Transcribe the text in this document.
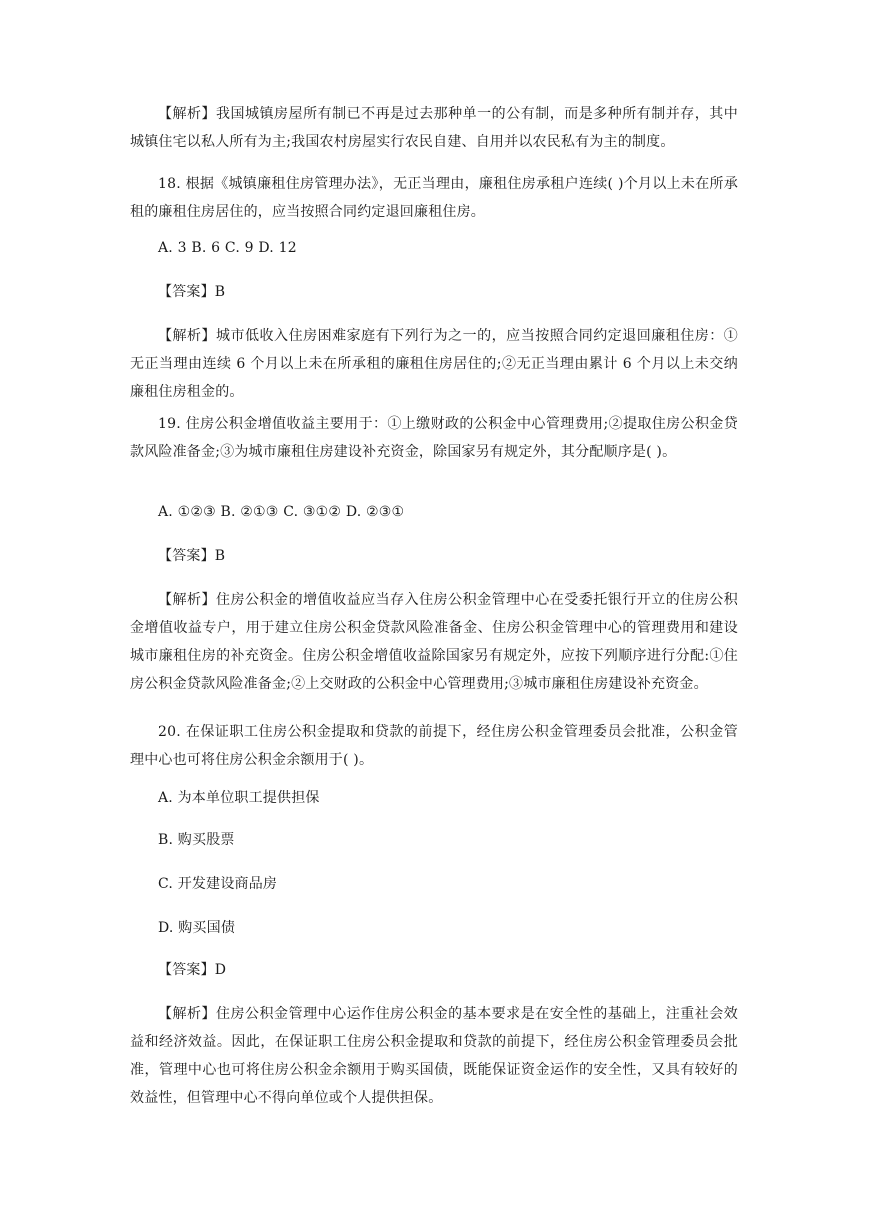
【解析】我国城镇房屋所有制已不再是过去那种单一的公有制，而是多种所有制并存，其中城镇住宅以私人所有为主;我国农村房屋实行农民自建、自用并以农民私有为主的制度。

18. 根据《城镇廉租住房管理办法》，无正当理由，廉租住房承租户连续( )个月以上未在所承租的廉租住房居住的，应当按照合同约定退回廉租住房。

A. 3 B. 6 C. 9 D. 12

【答案】B

【解析】城市低收入住房困难家庭有下列行为之一的，应当按照合同约定退回廉租住房：①无正当理由连续 6 个月以上未在所承租的廉租住房居住的;②无正当理由累计 6 个月以上未交纳廉租住房租金的。

19. 住房公积金增值收益主要用于：①上缴财政的公积金中心管理费用;②提取住房公积金贷款风险准备金;③为城市廉租住房建设补充资金，除国家另有规定外，其分配顺序是( )。

A. ①②③ B. ②①③ C. ③①② D. ②③①

【答案】B

【解析】住房公积金的增值收益应当存入住房公积金管理中心在受委托银行开立的住房公积金增值收益专户，用于建立住房公积金贷款风险准备金、住房公积金管理中心的管理费用和建设城市廉租住房的补充资金。住房公积金增值收益除国家另有规定外，应按下列顺序进行分配:①住房公积金贷款风险准备金;②上交财政的公积金中心管理费用;③城市廉租住房建设补充资金。

20. 在保证职工住房公积金提取和贷款的前提下，经住房公积金管理委员会批准，公积金管理中心也可将住房公积金余额用于( )。

A. 为本单位职工提供担保

B. 购买股票

C. 开发建设商品房

D. 购买国债

【答案】D

【解析】住房公积金管理中心运作住房公积金的基本要求是在安全性的基础上，注重社会效益和经济效益。因此，在保证职工住房公积金提取和贷款的前提下，经住房公积金管理委员会批准，管理中心也可将住房公积金余额用于购买国债，既能保证资金运作的安全性，又具有较好的效益性，但管理中心不得向单位或个人提供担保。
